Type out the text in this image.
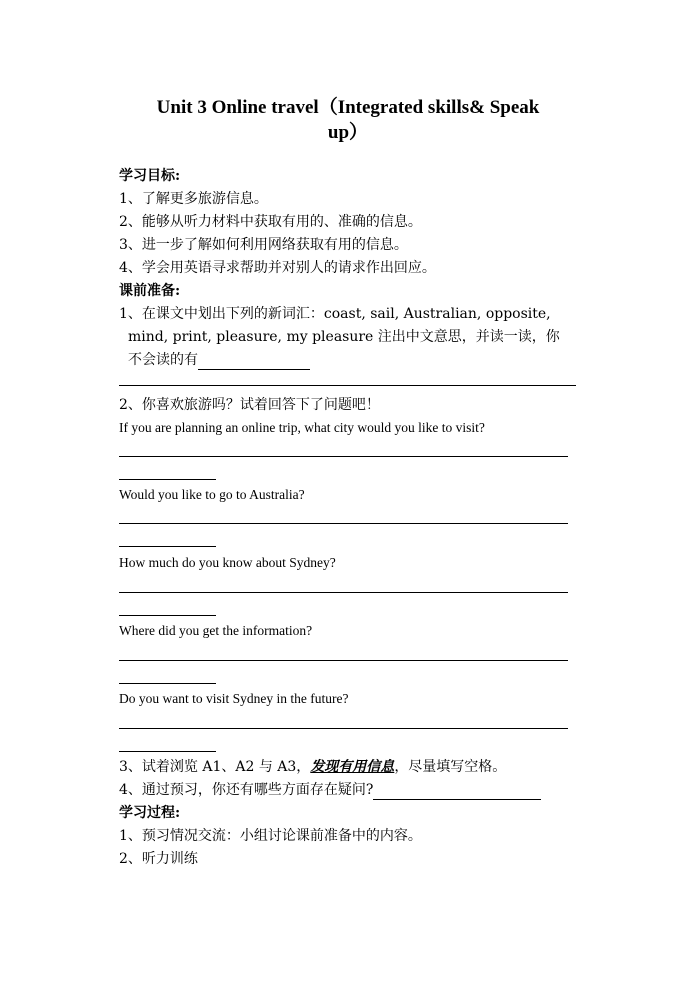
Unit 3 Online travel（Integrated skills& Speak
up）
学习目标:
1、了解更多旅游信息。
2、能够从听力材料中获取有用的、准确的信息。
3、进一步了解如何利用网络获取有用的信息。
4、学会用英语寻求帮助并对别人的请求作出回应。
课前准备:
1、在课文中划出下列的新词汇：coast, sail, Australian, opposite,
mind, print, pleasure, my pleasure 注出中文意思，并读一读，你
不会读的有
2、你喜欢旅游吗？试着回答下了问题吧！
If you are planning an online trip, what city would you like to visit?
Would you like to go to Australia?
How much do you know about Sydney?
Where did you get the information?
Do you want to visit Sydney in the future?
3、试着浏览 A1、A2 与 A3，发现有用信息，尽量填写空格。
4、通过预习，你还有哪些方面存在疑问?
学习过程:
1、预习情况交流：小组讨论课前准备中的内容。
2、听力训练
